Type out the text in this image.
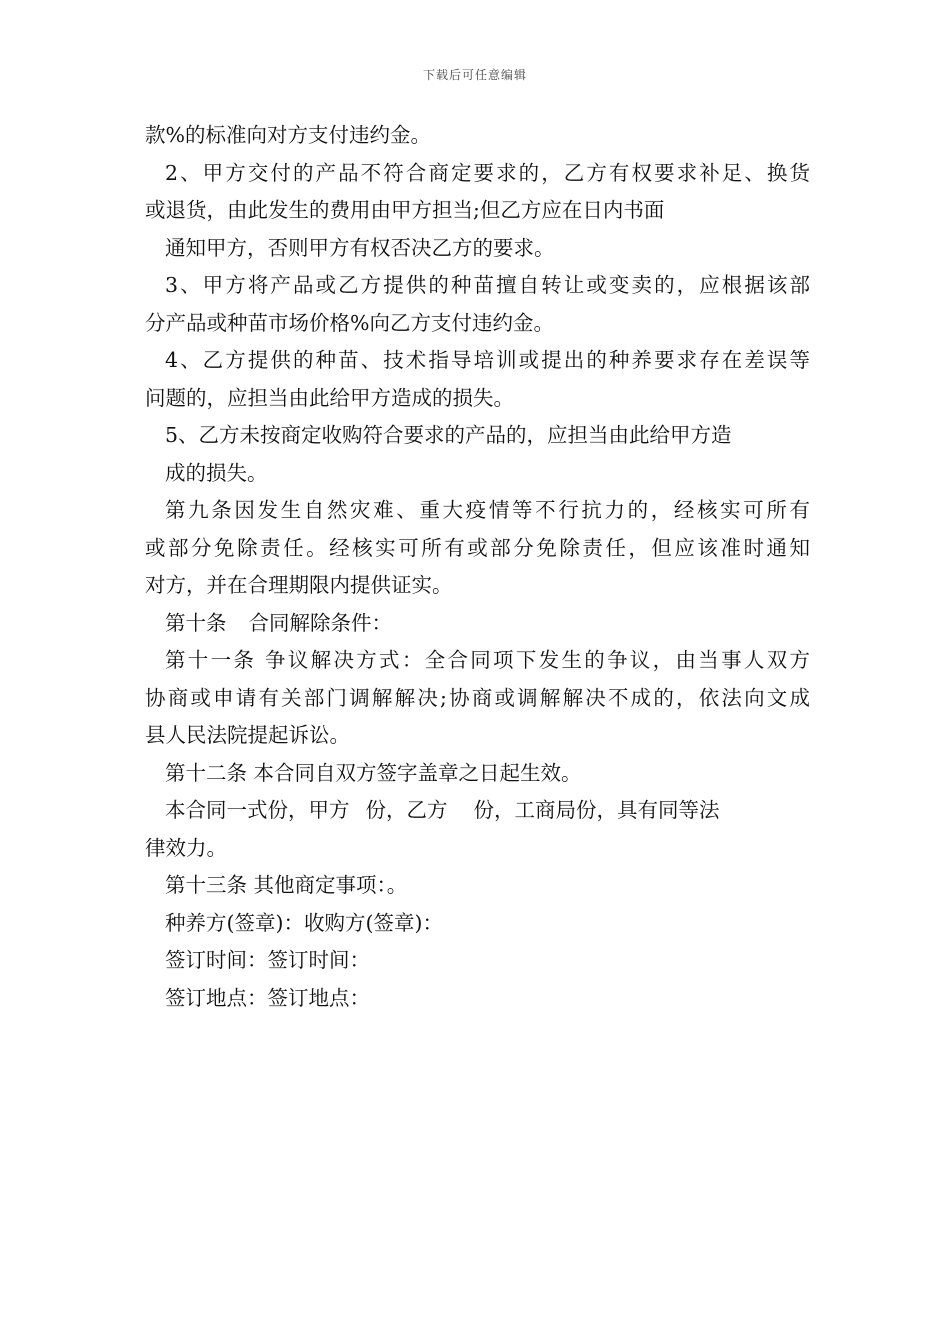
下载后可任意编辑
款%的标准向对方支付违约金。
2、甲方交付的产品不符合商定要求的，乙方有权要求补足、换货
或退货，由此发生的费用由甲方担当;但乙方应在日内书面
通知甲方，否则甲方有权否决乙方的要求。
3、甲方将产品或乙方提供的种苗擅自转让或变卖的，应根据该部
分产品或种苗市场价格%向乙方支付违约金。
4、乙方提供的种苗、技术指导培训或提出的种养要求存在差误等
问题的，应担当由此给甲方造成的损失。
5、乙方未按商定收购符合要求的产品的，应担当由此给甲方造
成的损失。
第九条因发生自然灾难、重大疫情等不行抗力的，经核实可所有
或部分免除责任。经核实可所有或部分免除责任，但应该准时通知
对方，并在合理期限内提供证实。
第十条 合同解除条件：
第十一条 争议解决方式：全合同项下发生的争议，由当事人双方
协商或申请有关部门调解解决;协商或调解解决不成的，依法向文成
县人民法院提起诉讼。
第十二条 本合同自双方签字盖章之日起生效。
本合同一式份，甲方 份，乙方 份，工商局份，具有同等法
律效力。
第十三条 其他商定事项：。
种养方(签章)：收购方(签章)：
签订时间：签订时间：
签订地点：签订地点：
